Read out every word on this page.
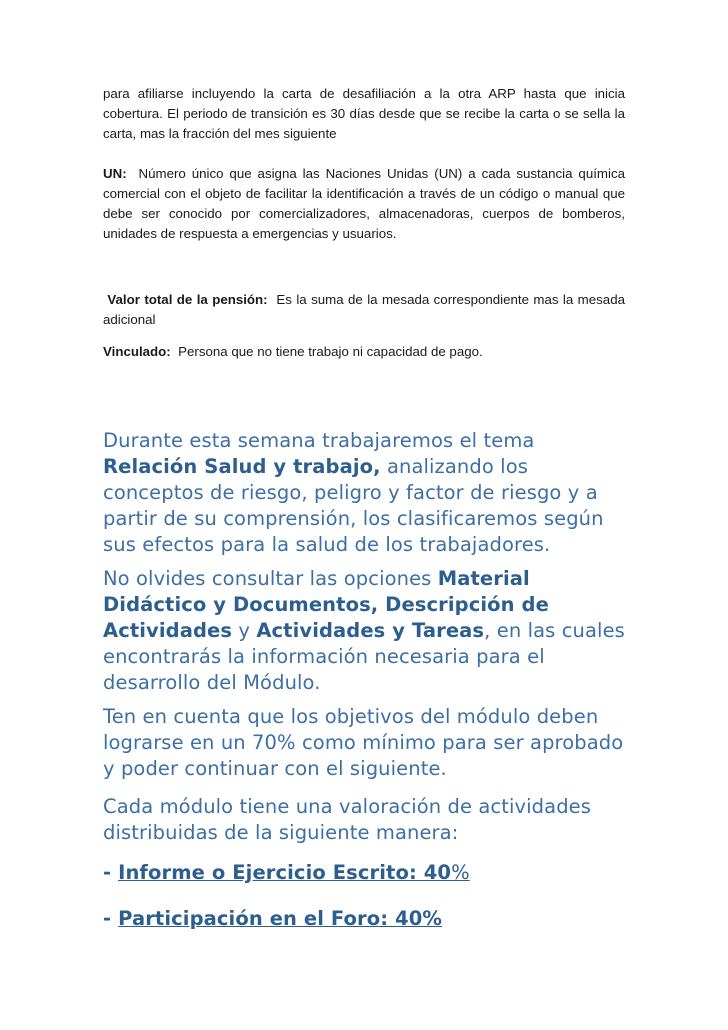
para afiliarse incluyendo la carta de desafiliación a la otra ARP hasta que inicia cobertura. El periodo de transición es 30 días desde que se recibe la carta o se sella la carta, mas la fracción del mes siguiente

UN: Número único que asigna las Naciones Unidas (UN) a cada sustancia química comercial con el objeto de facilitar la identificación a través de un código o manual que debe ser conocido por comercializadores, almacenadoras, cuerpos de bomberos, unidades de respuesta a emergencias y usuarios.

Valor total de la pensión: Es la suma de la mesada correspondiente mas la mesada adicional

Vinculado: Persona que no tiene trabajo ni capacidad de pago.

Durante esta semana trabajaremos el tema Relación Salud y trabajo, analizando los conceptos de riesgo, peligro y factor de riesgo y a partir de su comprensión, los clasificaremos según sus efectos para la salud de los trabajadores.

No olvides consultar las opciones Material Didáctico y Documentos, Descripción de Actividades y Actividades y Tareas, en las cuales encontrarás la información necesaria para el desarrollo del Módulo.

Ten en cuenta que los objetivos del módulo deben lograrse en un 70% como mínimo para ser aprobado y poder continuar con el siguiente.

Cada módulo tiene una valoración de actividades distribuidas de la siguiente manera:

- Informe o Ejercicio Escrito: 40%

- Participación en el Foro: 40%
